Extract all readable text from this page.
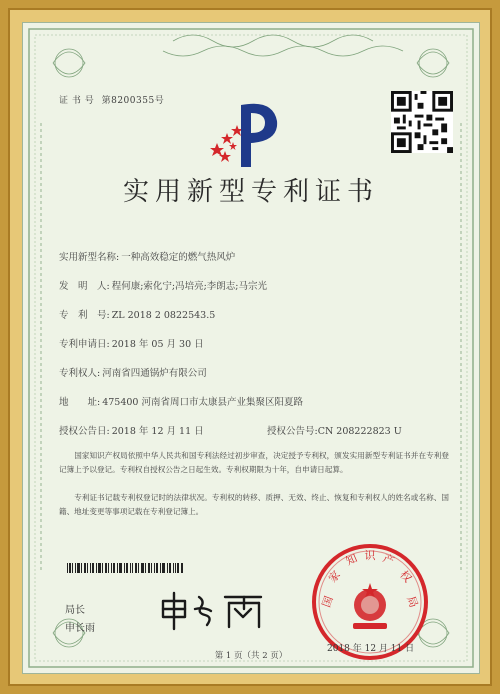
证 书 号 第8200355号
实用新型专利证书
实用新型名称: 一种高效稳定的燃气热风炉
发　明　人: 程何康;索化宁;冯培亮;李朗志;马宗光
专　利　号: ZL 2018 2 0822543.5
专利申请日: 2018 年 05 月 30 日
专利权人: 河南省四通锅炉有限公司
地　　址: 475400 河南省周口市太康县产业集聚区阳夏路
授权公告日: 2018 年 12 月 11 日	授权公告号:CN 208222823 U
国家知识产权局依照中华人民共和国专利法经过初步审查，决定授予专利权，颁发实用新型专利证书并在专利登记簿上予以登记。专利权自授权公告之日起生效。专利权期限为十年，自申请日起算。
专利证书记载专利权登记时的法律状况。专利权的转移、质押、无效、终止、恢复和专利权人的姓名或名称、国籍、地址变更等事项记载在专利登记簿上。
局长
申长雨
国
家
知 识 产
权
局
2018 年 12 月 11 日
第 1 页（共 2 页）
